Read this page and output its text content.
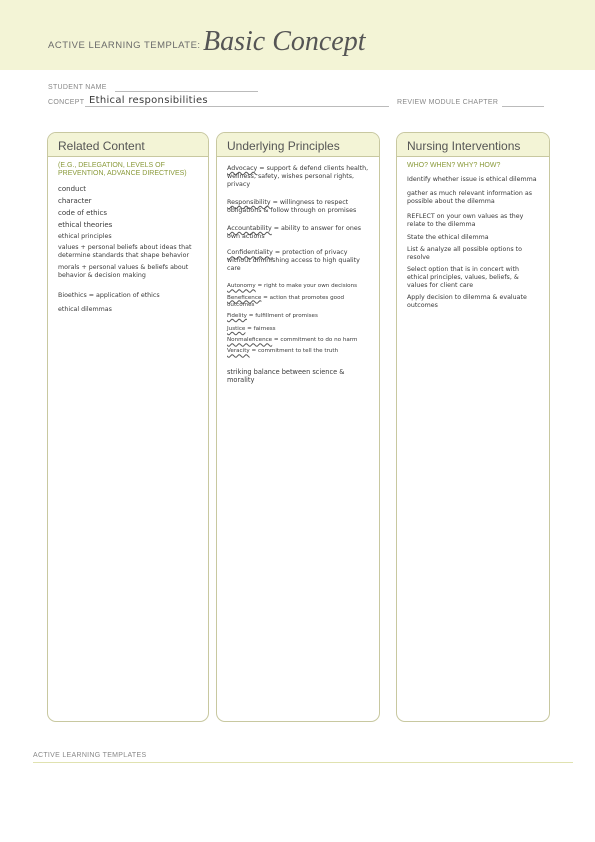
ACTIVE LEARNING TEMPLATE: Basic Concept
STUDENT NAME
CONCEPT Ethical responsibilities	REVIEW MODULE CHAPTER
Related Content
(E.G., DELEGATION, LEVELS OF PREVENTION, ADVANCE DIRECTIVES)
conduct
character
code of ethics
ethical theories
ethical principles
values + personal beliefs about ideas that determine standards that shape behavior
morals + personal values & beliefs about behavior & decision making
Bioethics = application of ethics
ethical dilemmas
Underlying Principles
Advocacy = support & defend clients health, wellness, safety, wishes personal rights, privacy
Responsibility = willingness to respect obligations & follow through on promises
Accountability = ability to answer for ones own actions
Confidentiality = protection of privacy without diminishing access to high quality care
Autonomy = right to make your own decisions
Beneficence = action that promotes good outcomes
Fidelity = fulfillment of promises
Justice = fairness
Nonmaleficence = commitment to do no harm
Veracity = commitment to tell the truth
striking balance between science & morality
Nursing Interventions
WHO? WHEN? WHY? HOW?
Identify whether issue is ethical dilemma
gather as much relevant information as possible about the dilemma
REFLECT on your own values as they relate to the dilemma
State the ethical dilemma
List & analyze all possible options to resolve
Select option that is in concert with ethical principles, values, beliefs, & values for client care
Apply decision to dilemma & evaluate outcomes
ACTIVE LEARNING TEMPLATES
